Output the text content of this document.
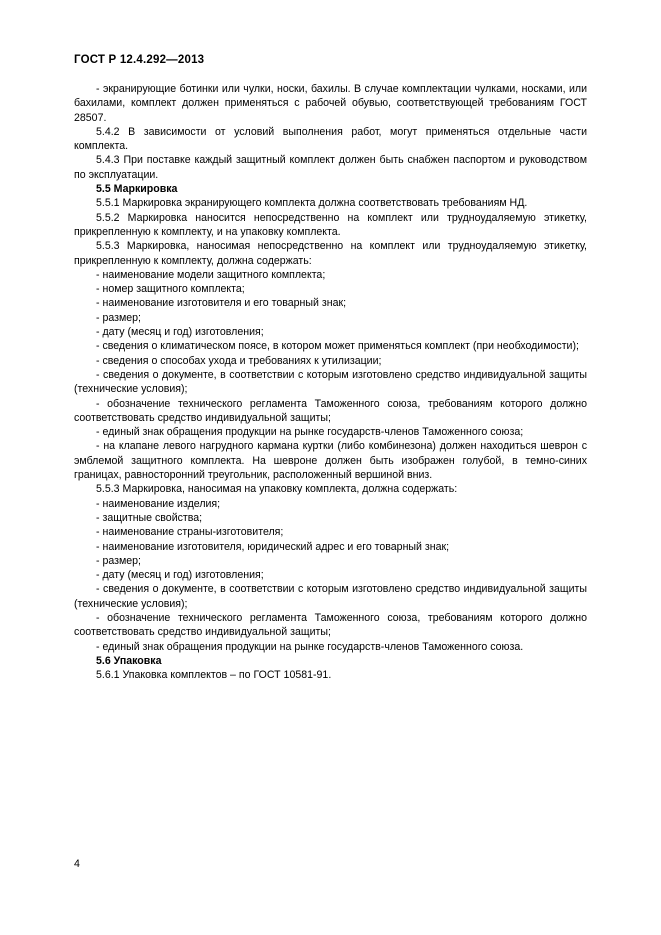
ГОСТ Р 12.4.292—2013

- экранирующие ботинки или чулки, носки, бахилы. В случае комплектации чулками, носками, или бахилами, комплект должен применяться с рабочей обувью, соответствующей требованиям ГОСТ 28507.

5.4.2 В зависимости от условий выполнения работ, могут применяться отдельные части комплекта.

5.4.3 При поставке каждый защитный комплект должен быть снабжен паспортом и руководством по эксплуатации.

5.5 Маркировка

5.5.1 Маркировка экранирующего комплекта должна соответствовать требованиям НД.

5.5.2 Маркировка наносится непосредственно на комплект или трудноудаляемую этикетку, прикрепленную к комплекту, и на упаковку комплекта.

5.5.3 Маркировка, наносимая непосредственно на комплект или трудноудаляемую этикетку, прикрепленную к комплекту, должна содержать:

- наименование модели защитного комплекта;

- номер защитного комплекта;

- наименование изготовителя и его товарный знак;

- размер;

- дату (месяц и год) изготовления;

- сведения о климатическом поясе, в котором может применяться комплект (при необходимости);

- сведения о способах ухода и требованиях к утилизации;

- сведения о документе, в соответствии с которым изготовлено средство индивидуальной защиты (технические условия);

- обозначение технического регламента Таможенного союза, требованиям которого должно соответствовать средство индивидуальной защиты;

- единый знак обращения продукции на рынке государств-членов Таможенного союза;

- на клапане левого нагрудного кармана куртки (либо комбинезона) должен находиться шеврон с эмблемой защитного комплекта. На шевроне должен быть изображен голубой, в темно-синих границах, равносторонний треугольник, расположенный вершиной вниз.

5.5.3 Маркировка, наносимая на упаковку комплекта, должна содержать:

- наименование изделия;

- защитные свойства;

- наименование страны-изготовителя;

- наименование изготовителя, юридический адрес и его товарный знак;

- размер;

- дату (месяц и год) изготовления;

- сведения о документе, в соответствии с которым изготовлено средство индивидуальной защиты (технические условия);

- обозначение технического регламента Таможенного союза, требованиям которого должно соответствовать средство индивидуальной защиты;

- единый знак обращения продукции на рынке государств-членов Таможенного союза.

5.6 Упаковка

5.6.1 Упаковка комплектов – по ГОСТ 10581-91.

4
